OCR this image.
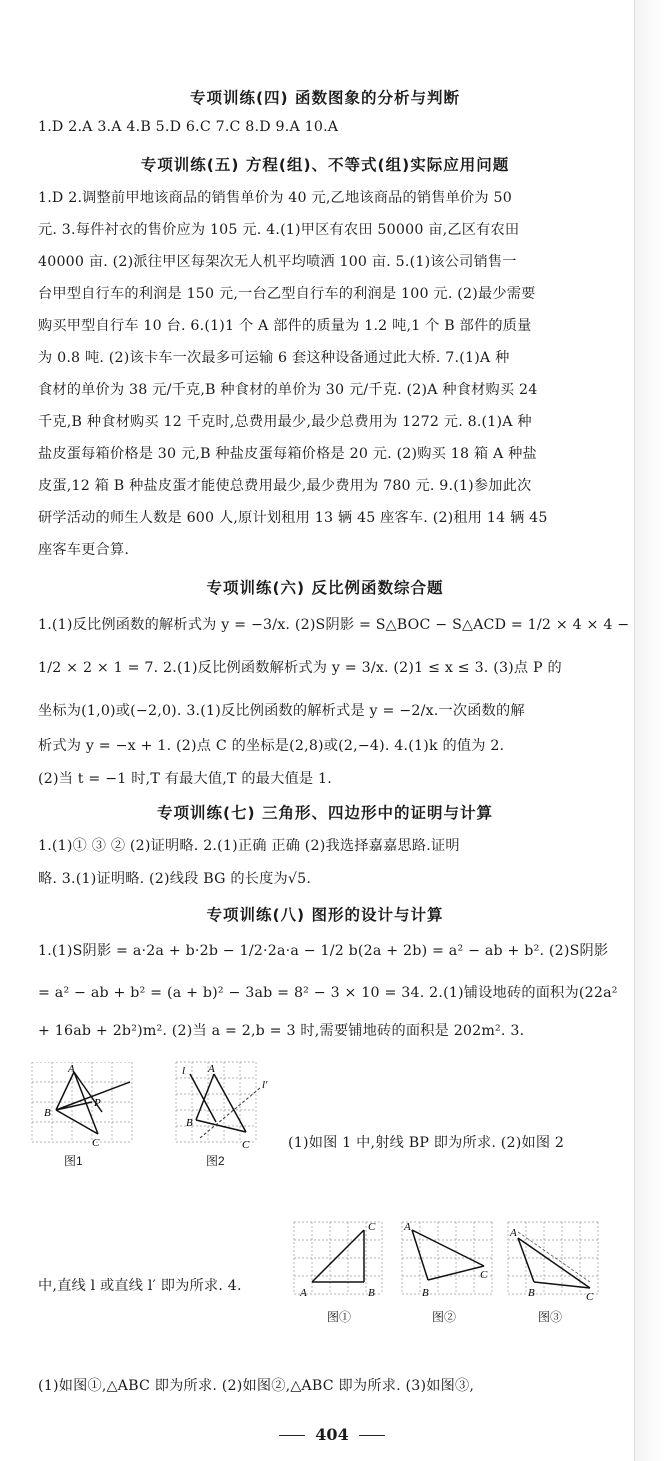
专项训练(四) 函数图象的分析与判断
1.D 2.A 3.A 4.B 5.D 6.C 7.C 8.D 9.A 10.A
专项训练(五) 方程(组)、不等式(组)实际应用问题
1.D 2.调整前甲地该商品的销售单价为 40 元,乙地该商品的销售单价为 50
元. 3.每件衬衣的售价应为 105 元. 4.(1)甲区有农田 50000 亩,乙区有农田
40000 亩. (2)派往甲区每架次无人机平均喷洒 100 亩. 5.(1)该公司销售一
台甲型自行车的利润是 150 元,一台乙型自行车的利润是 100 元. (2)最少需要
购买甲型自行车 10 台. 6.(1)1 个 A 部件的质量为 1.2 吨,1 个 B 部件的质量
为 0.8 吨. (2)该卡车一次最多可运输 6 套这种设备通过此大桥. 7.(1)A 种
食材的单价为 38 元/千克,B 种食材的单价为 30 元/千克. (2)A 种食材购买 24
千克,B 种食材购买 12 千克时,总费用最少,最少总费用为 1272 元. 8.(1)A 种
盐皮蛋每箱价格是 30 元,B 种盐皮蛋每箱价格是 20 元. (2)购买 18 箱 A 种盐
皮蛋,12 箱 B 种盐皮蛋才能使总费用最少,最少费用为 780 元. 9.(1)参加此次
研学活动的师生人数是 600 人,原计划租用 13 辆 45 座客车. (2)租用 14 辆 45
座客车更合算.
专项训练(六) 反比例函数综合题
1.(1)反比例函数的解析式为 y = −3/x. (2)S阴影 = S△BOC − S△ACD = 1/2 × 4 × 4 −
1/2 × 2 × 1 = 7. 2.(1)反比例函数解析式为 y = 3/x. (2)1 ≤ x ≤ 3. (3)点 P 的
坐标为(1,0)或(−2,0). 3.(1)反比例函数的解析式是 y = −2/x.一次函数的解
析式为 y = −x + 1. (2)点 C 的坐标是(2,8)或(2,−4). 4.(1)k 的值为 2.
(2)当 t = −1 时,T 有最大值,T 的最大值是 1.
专项训练(七) 三角形、四边形中的证明与计算
1.(1)① ③ ② (2)证明略. 2.(1)正确 正确 (2)我选择嘉嘉思路.证明
略. 3.(1)证明略. (2)线段 BG 的长度为√5.
专项训练(八) 图形的设计与计算
1.(1)S阴影 = a·2a + b·2b − 1/2·2a·a − 1/2 b(2a + 2b) = a² − ab + b². (2)S阴影
= a² − ab + b² = (a + b)² − 3ab = 8² − 3 × 10 = 34. 2.(1)铺设地砖的面积为(22a²
+ 16ab + 2b²)m². (2)当 a = 2,b = 3 时,需要铺地砖的面积是 202m². 3.
(1)如图 1 中,射线 BP 即为所求. (2)如图 2
中,直线 l 或直线 l′ 即为所求. 4.
(1)如图①,△ABC 即为所求. (2)如图②,△ABC 即为所求. (3)如图③,
A
B
P
C
图1
l A
l′
B
C
图2
C
A	B
图①
A
C
B
图②
A
B	C
图③
404
